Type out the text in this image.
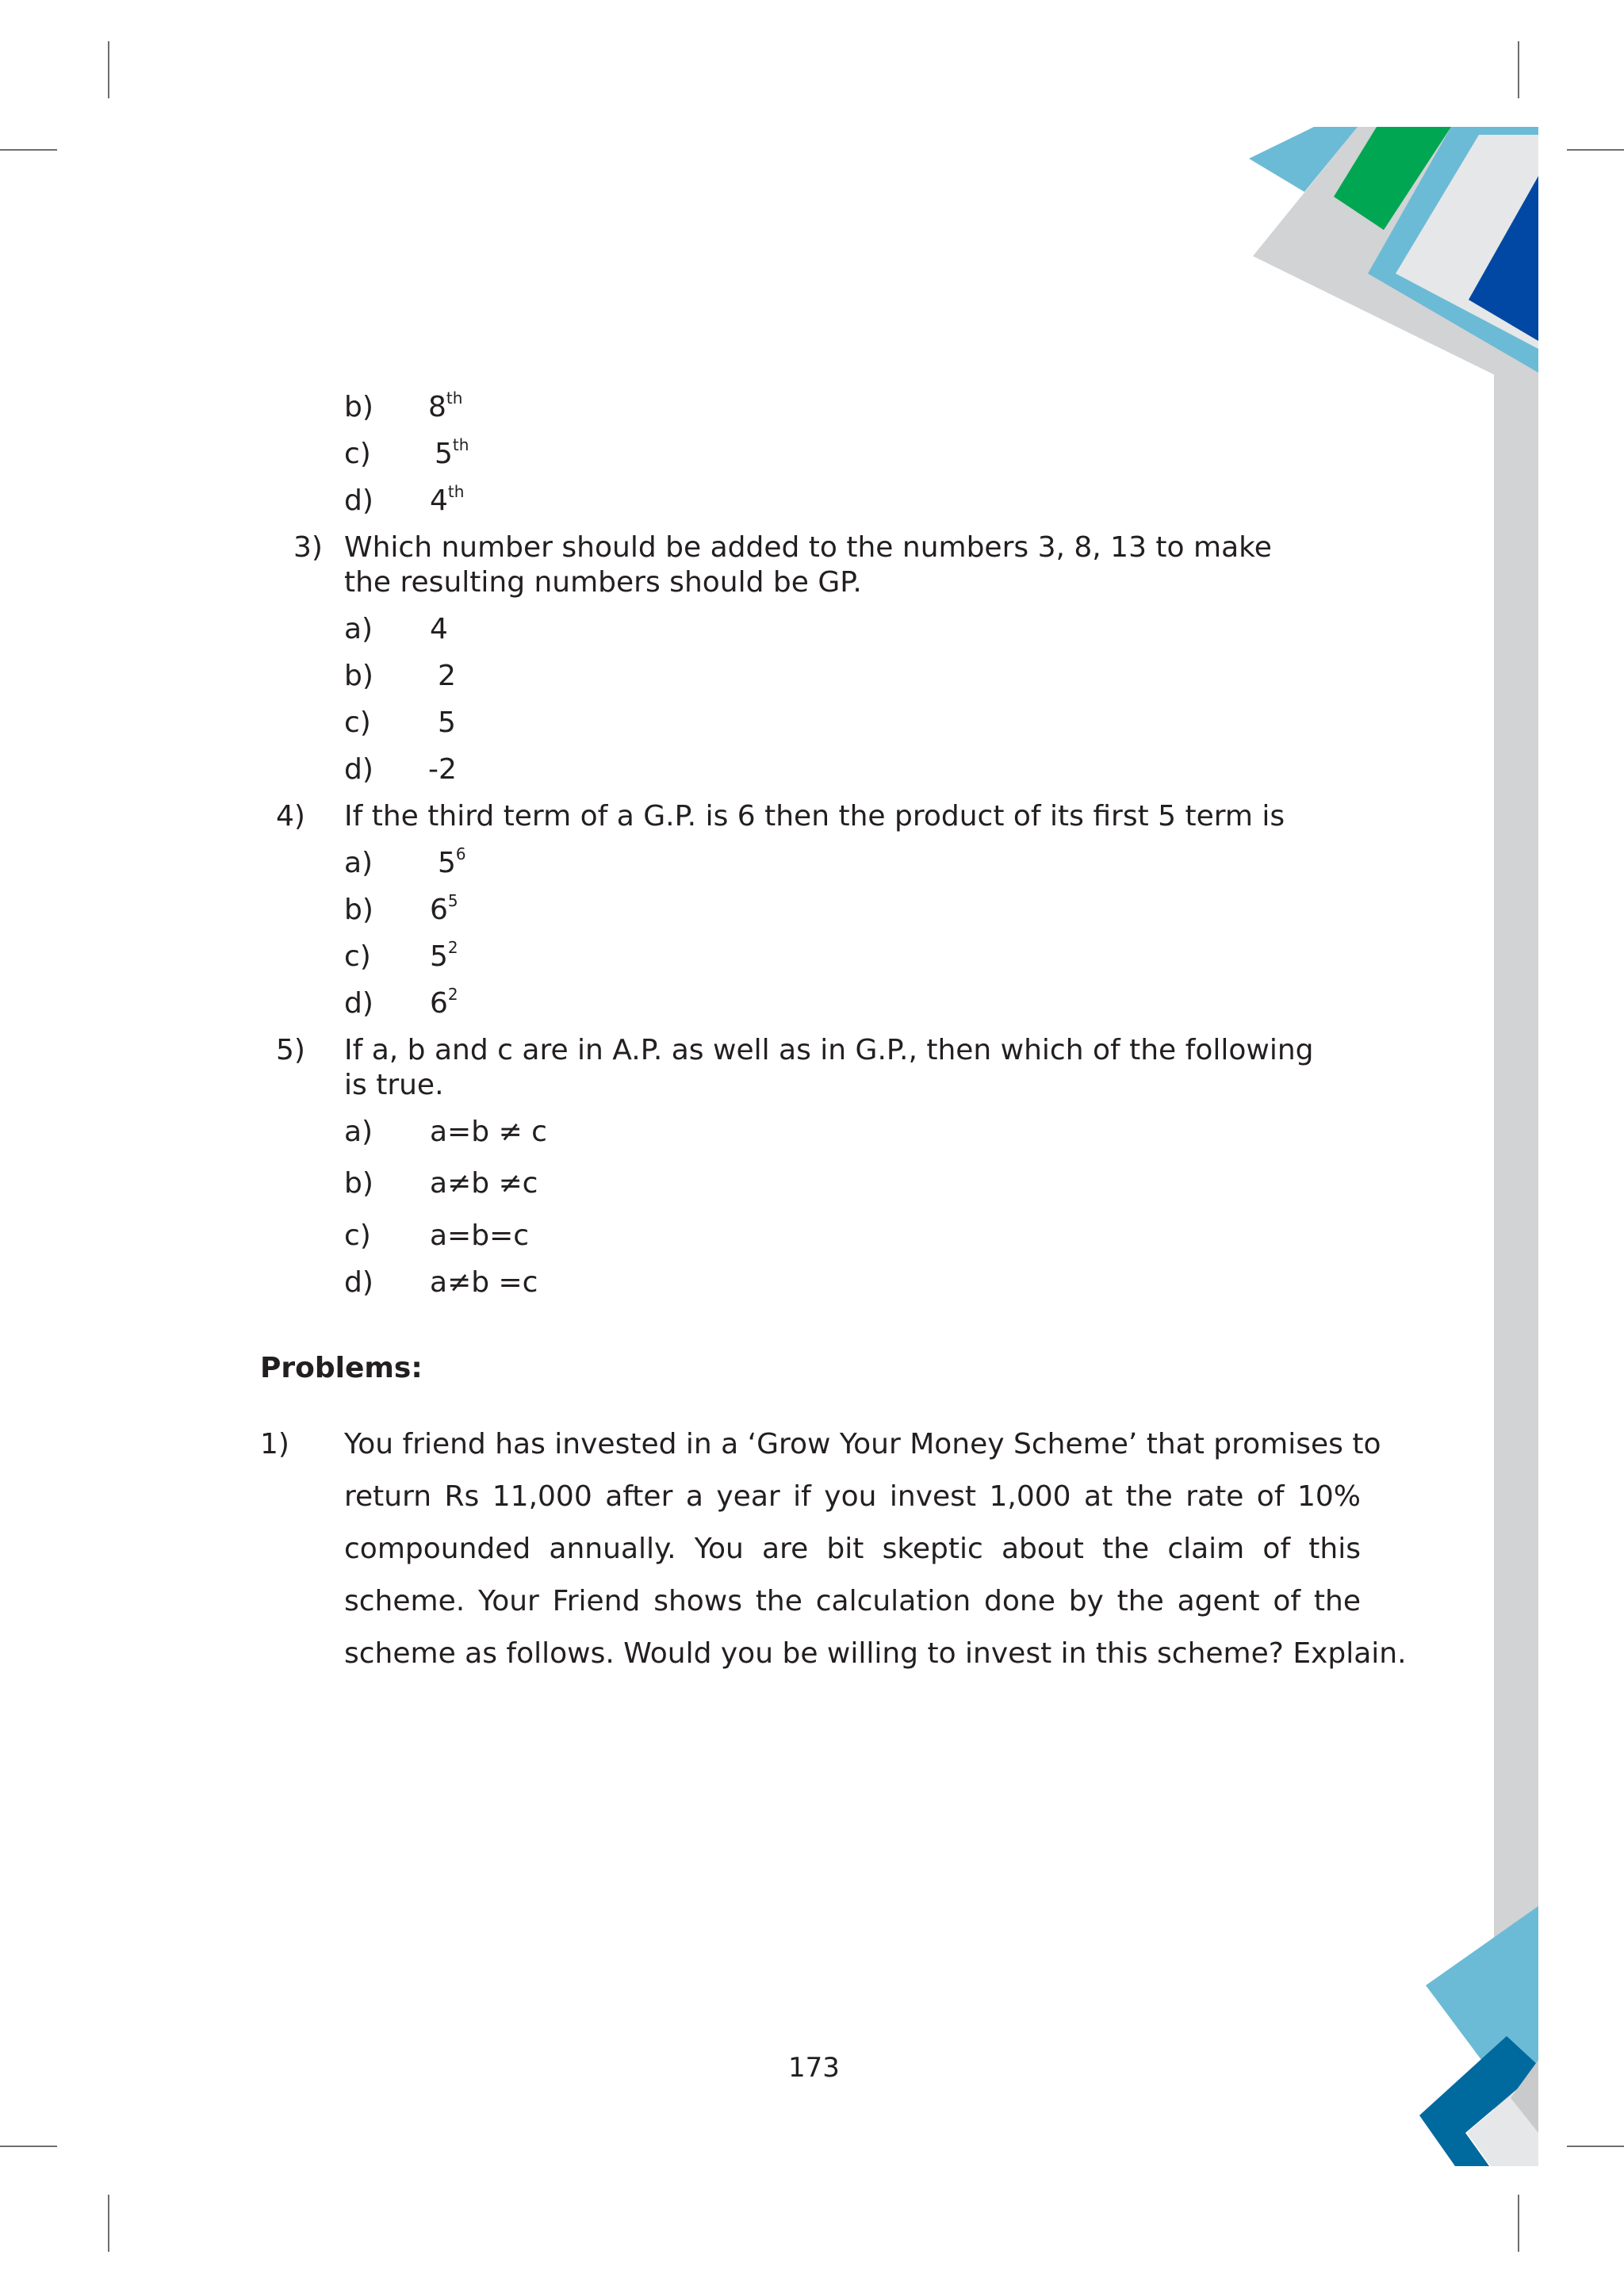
b) 8th
c) 5th
d) 4th
3) Which number should be added to the numbers 3, 8, 13 to make the resulting numbers should be GP.
a) 4
b) 2
c) 5
d) -2
4) If the third term of a G.P. is 6 then the product of its first 5 term is
a) $5^6$
b) $6^5$
c) $5^2$
d) $6^2$
5) If a, b and c are in A.P. as well as in G.P., then which of the following is true.
a) a=b ≠ c
b) a≠b ≠c
c) a=b=c
d) a≠b =c
Problems:
1) You friend has invested in a ‘Grow Your Money Scheme’ that promises to
return Rs 11,000 after a year if you invest 1,000 at the rate of 10%
compounded annually. You are bit skeptic about the claim of this
scheme. Your Friend shows the calculation done by the agent of the
scheme as follows. Would you be willing to invest in this scheme? Explain.
173
